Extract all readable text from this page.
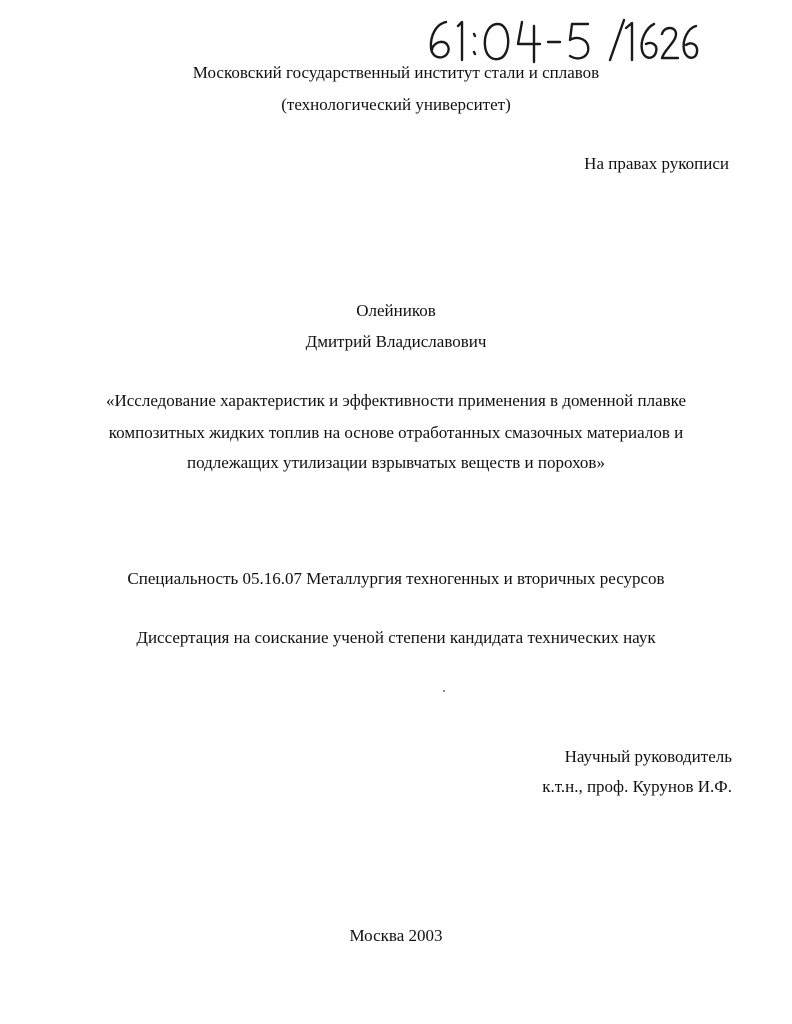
Московский государственный институт стали и сплавов
(технологический университет)
На правах рукописи
Олейников
Дмитрий Владиславович
«Исследование характеристик и эффективности применения в доменной плавке
композитных жидких топлив на основе отработанных смазочных материалов и
подлежащих утилизации взрывчатых веществ и порохов»
Специальность 05.16.07 Металлургия техногенных и вторичных ресурсов
Диссертация на соискание ученой степени кандидата технических наук
Научный руководитель
к.т.н., проф. Курунов И.Ф.
Москва 2003
